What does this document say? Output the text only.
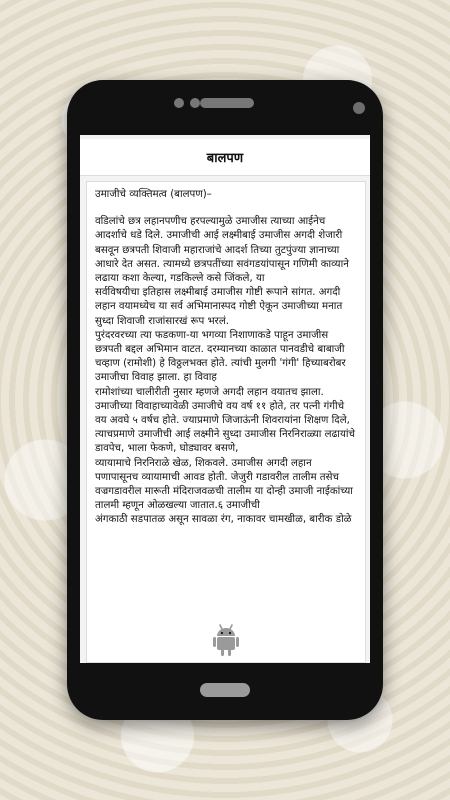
बालपण

उमाजीचे व्यक्तिमत्व (बालपण)–

वडिलांचे छत्र लहानपणीच हरपल्यामुळे उमाजीस त्याच्या आईनेच आदर्शाचे धडे दिले. उमाजीची आई लक्ष्मीबाई उमाजीस अगदी शेजारी बसवून छत्रपती शिवाजी महाराजांचे आदर्श तिच्या तुटपुंज्या ज्ञानाच्या आधारे देत असत. त्यामध्ये छत्रपतींच्या सवंगडयांपासून गणिमी काव्याने लढाया कशा केल्या, गडकिल्ले कसे जिंकले, या

सर्वविषयीचा इतिहास लक्ष्मीबाई उमाजीस गोष्टी रूपाने सांगत. अगदी लहान वयामध्येच या सर्व अभिमानास्पद गोष्टी ऐकून उमाजीच्या मनात सुध्दा शिवाजी राजांसारखं रूप भरलं.

पुरंदरवरच्या त्या फडकणा-या भगव्या निशाणाकडे पाहून उमाजीस छत्रपती बद्दल अभिमान वाटत. दरम्यानच्या काळात पानवडीचे बाबाजी चव्हाण (रामोशी) हे विठ्ठलभक्त होते. त्यांची मुलगी 'गंगी' हिच्याबरोबर उमाजीचा विवाह झाला. हा विवाह

रामोशांच्या चालीरीती नुसार म्हणजे अगदी लहान वयातच झाला. उमाजीच्या विवाहाच्यावेळी उमाजीचे वय वर्ष ११ होते, तर पत्नी गंगीचे वय अवघे ५ वर्षच होते. ज्याप्रमाणे जिजाऊंनी शिवरायांना शिक्षण दिले, त्याचप्रमाणे उमाजीची आई लक्ष्मीने सुध्दा उमाजीस निरनिराळ्या लढायांचे डावपेच, भाला फेकणे, घोड्यावर बसणे,

व्यायामाचे निरनिराळे खेळ, शिकवले. उमाजीस अगदी लहान पणापासूनच व्यायामाची आवड होती. जेजुरी गडावरील तालीम तसेच वज्रगडावरील मारूती मंदिराजवळची तालीम या दोन्ही उमाजी नाईकांच्या तालमी म्हणून ओळखल्या जातात.६ उमाजीची

अंगकाठी सडपातळ असून सावळा रंग, नाकावर चामखीळ, बारीक डोळे
